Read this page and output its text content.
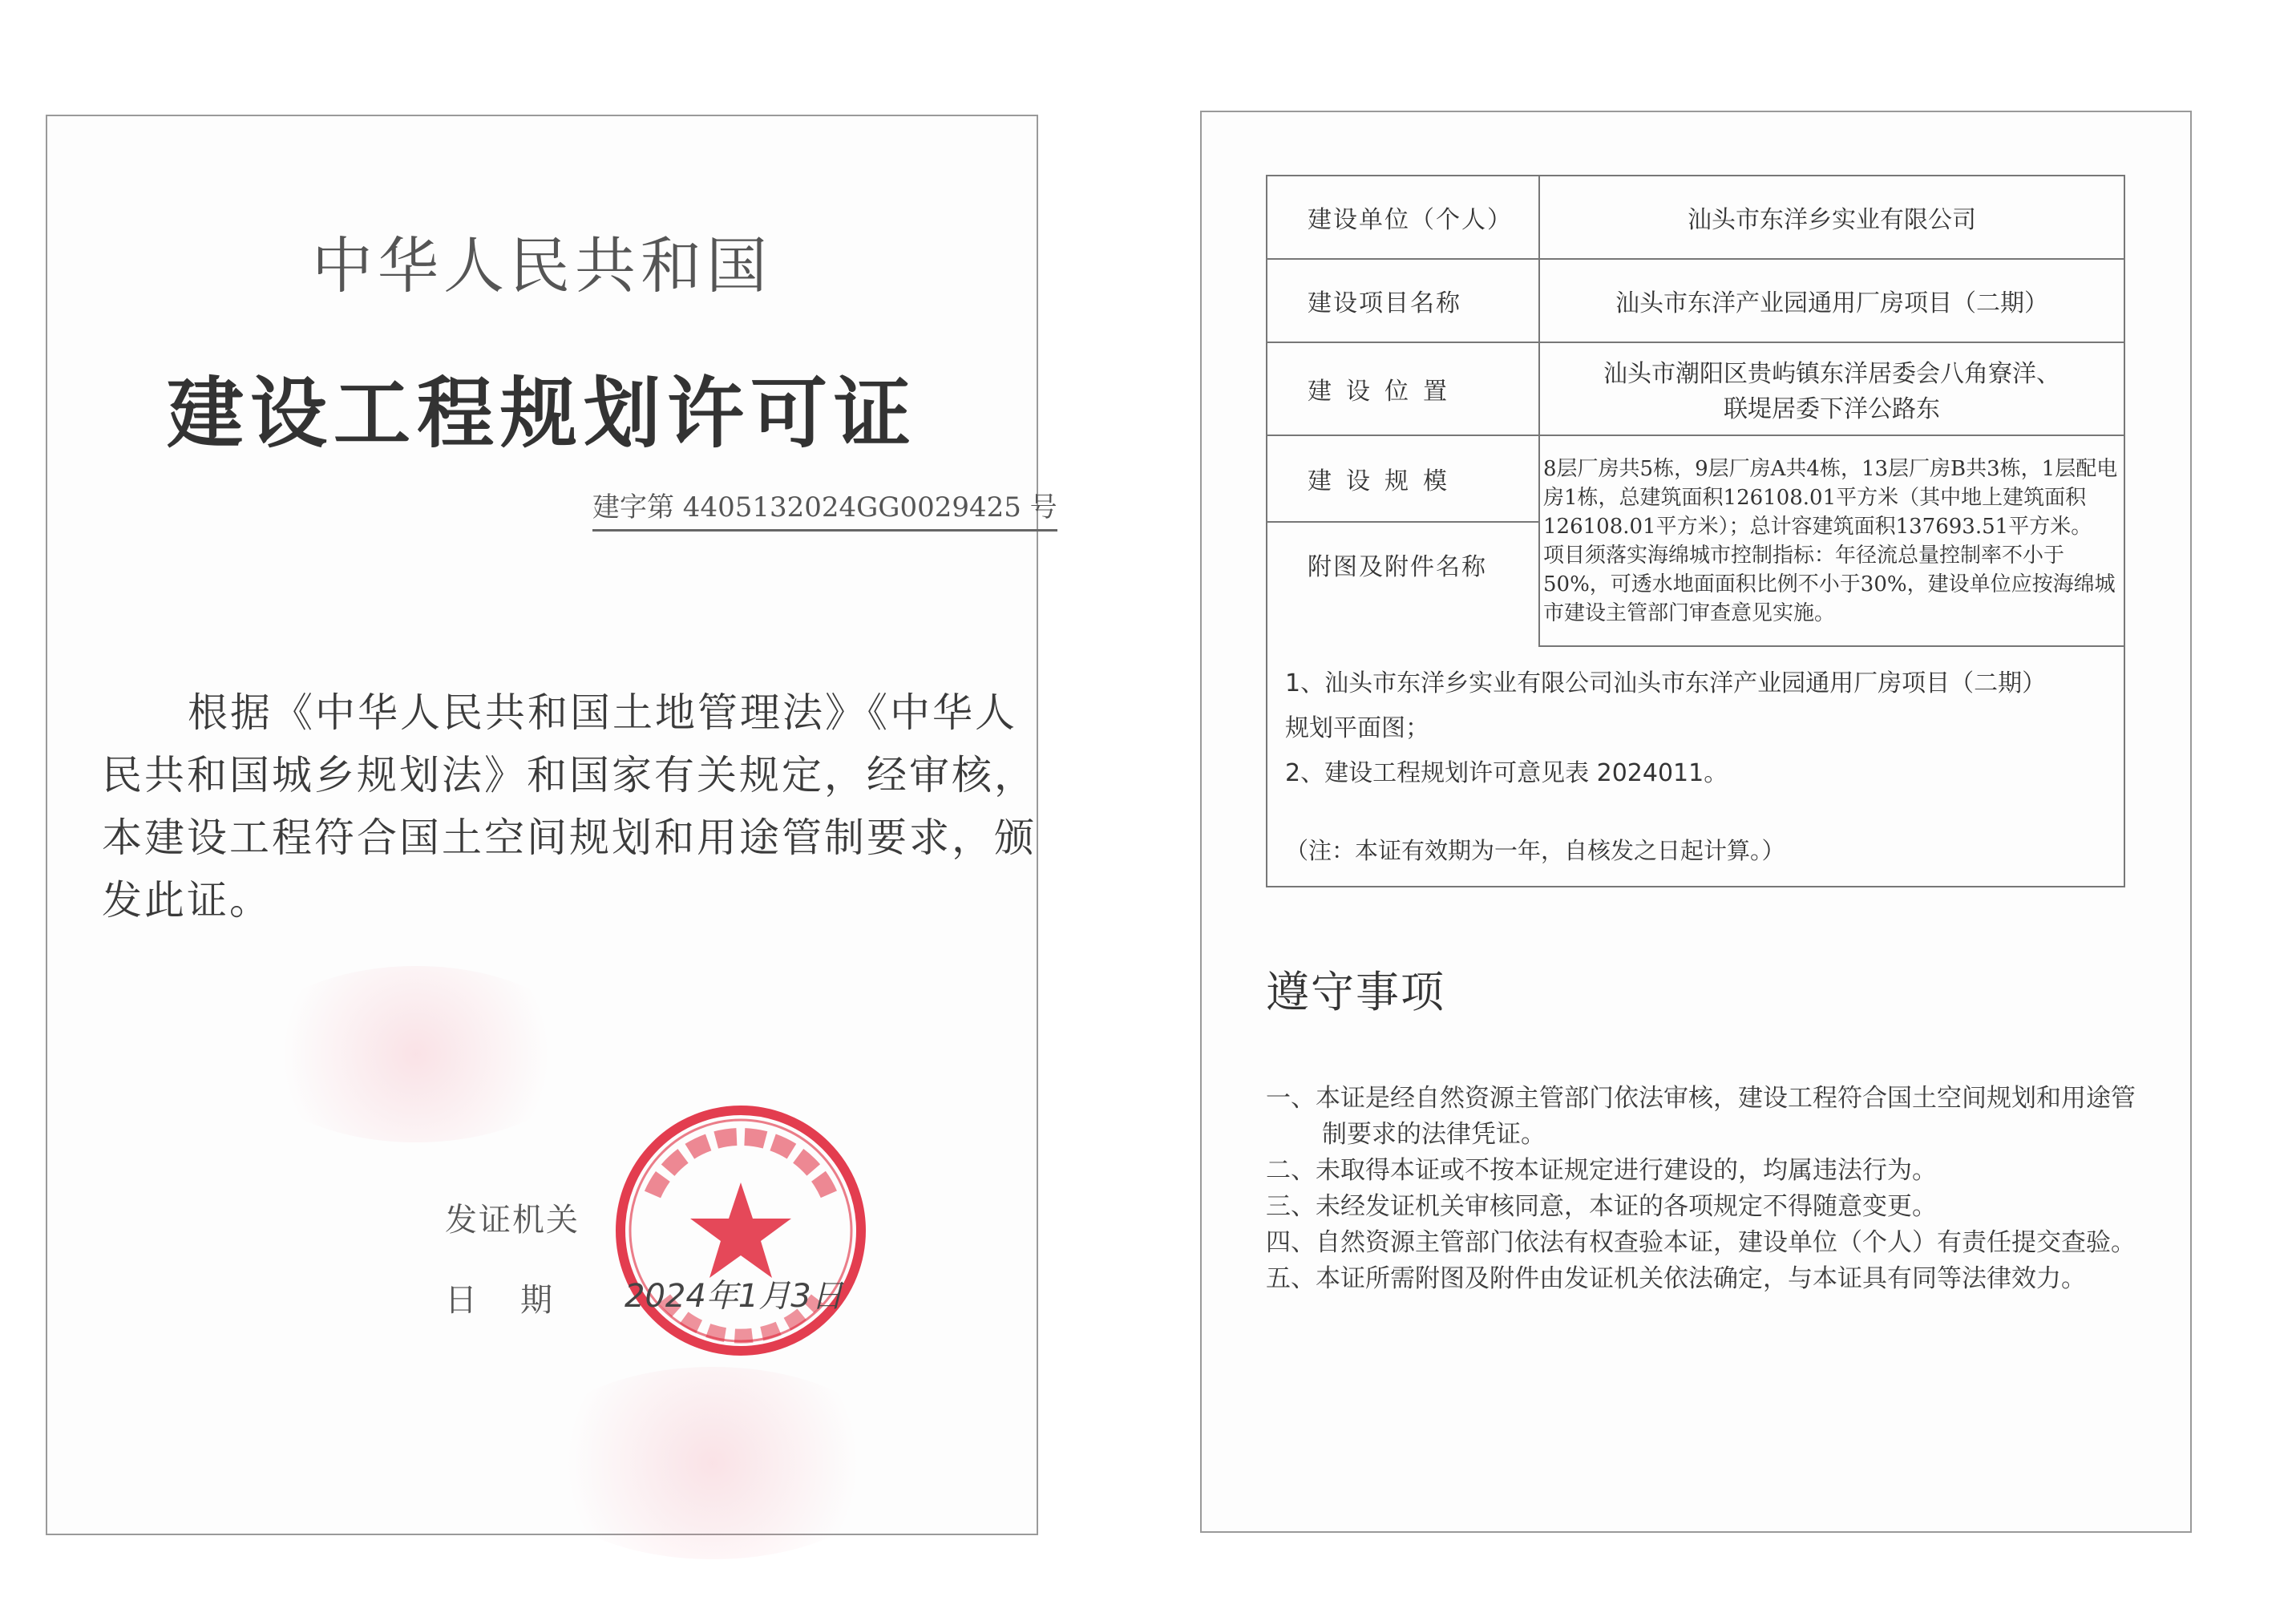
中华人民共和国
建设工程规划许可证
建字第 4405132024GG0029425 号

根据《中华人民共和国土地管理法》《中华人民共和国城乡规划法》和国家有关规定，经审核，本建设工程符合国土空间规划和用途管制要求，颁发此证。

发证机关
日期 2024年1月3日
建设单位（个人）	汕头市东洋乡实业有限公司
建设项目名称	汕头市东洋产业园通用厂房项目（二期）
建设位置	汕头市潮阳区贵屿镇东洋居委会八角寮洋、
联堤居委下洋公路东

建设规模	8层厂房共5栋，9层厂房A共4栋，13层厂房B共3栋，1层配电房1栋，总建筑面积126108.01平方米（其中地上建筑面积126108.01平方米）；总计容建筑面积137693.51平方米。
项目须落实海绵城市控制指标：年径流总量控制率不小于50%，可透水地面面积比例不小于30%，建设单位应按海绵城市建设主管部门审查意见实施。

附图及附件名称	

1、汕头市东洋乡实业有限公司汕头市东洋产业园通用厂房项目（二期）
规划平面图；
2、建设工程规划许可意见表 2024011。
（注：本证有效期为一年，自核发之日起计算。）	
遵守事项
一、本证是经自然资源主管部门依法审核，建设工程符合国土空间规划和用途管制要求的法律凭证。
二、未取得本证或不按本证规定进行建设的，均属违法行为。
三、未经发证机关审核同意，本证的各项规定不得随意变更。
四、自然资源主管部门依法有权查验本证，建设单位（个人）有责任提交查验。
五、本证所需附图及附件由发证机关依法确定，与本证具有同等法律效力。
